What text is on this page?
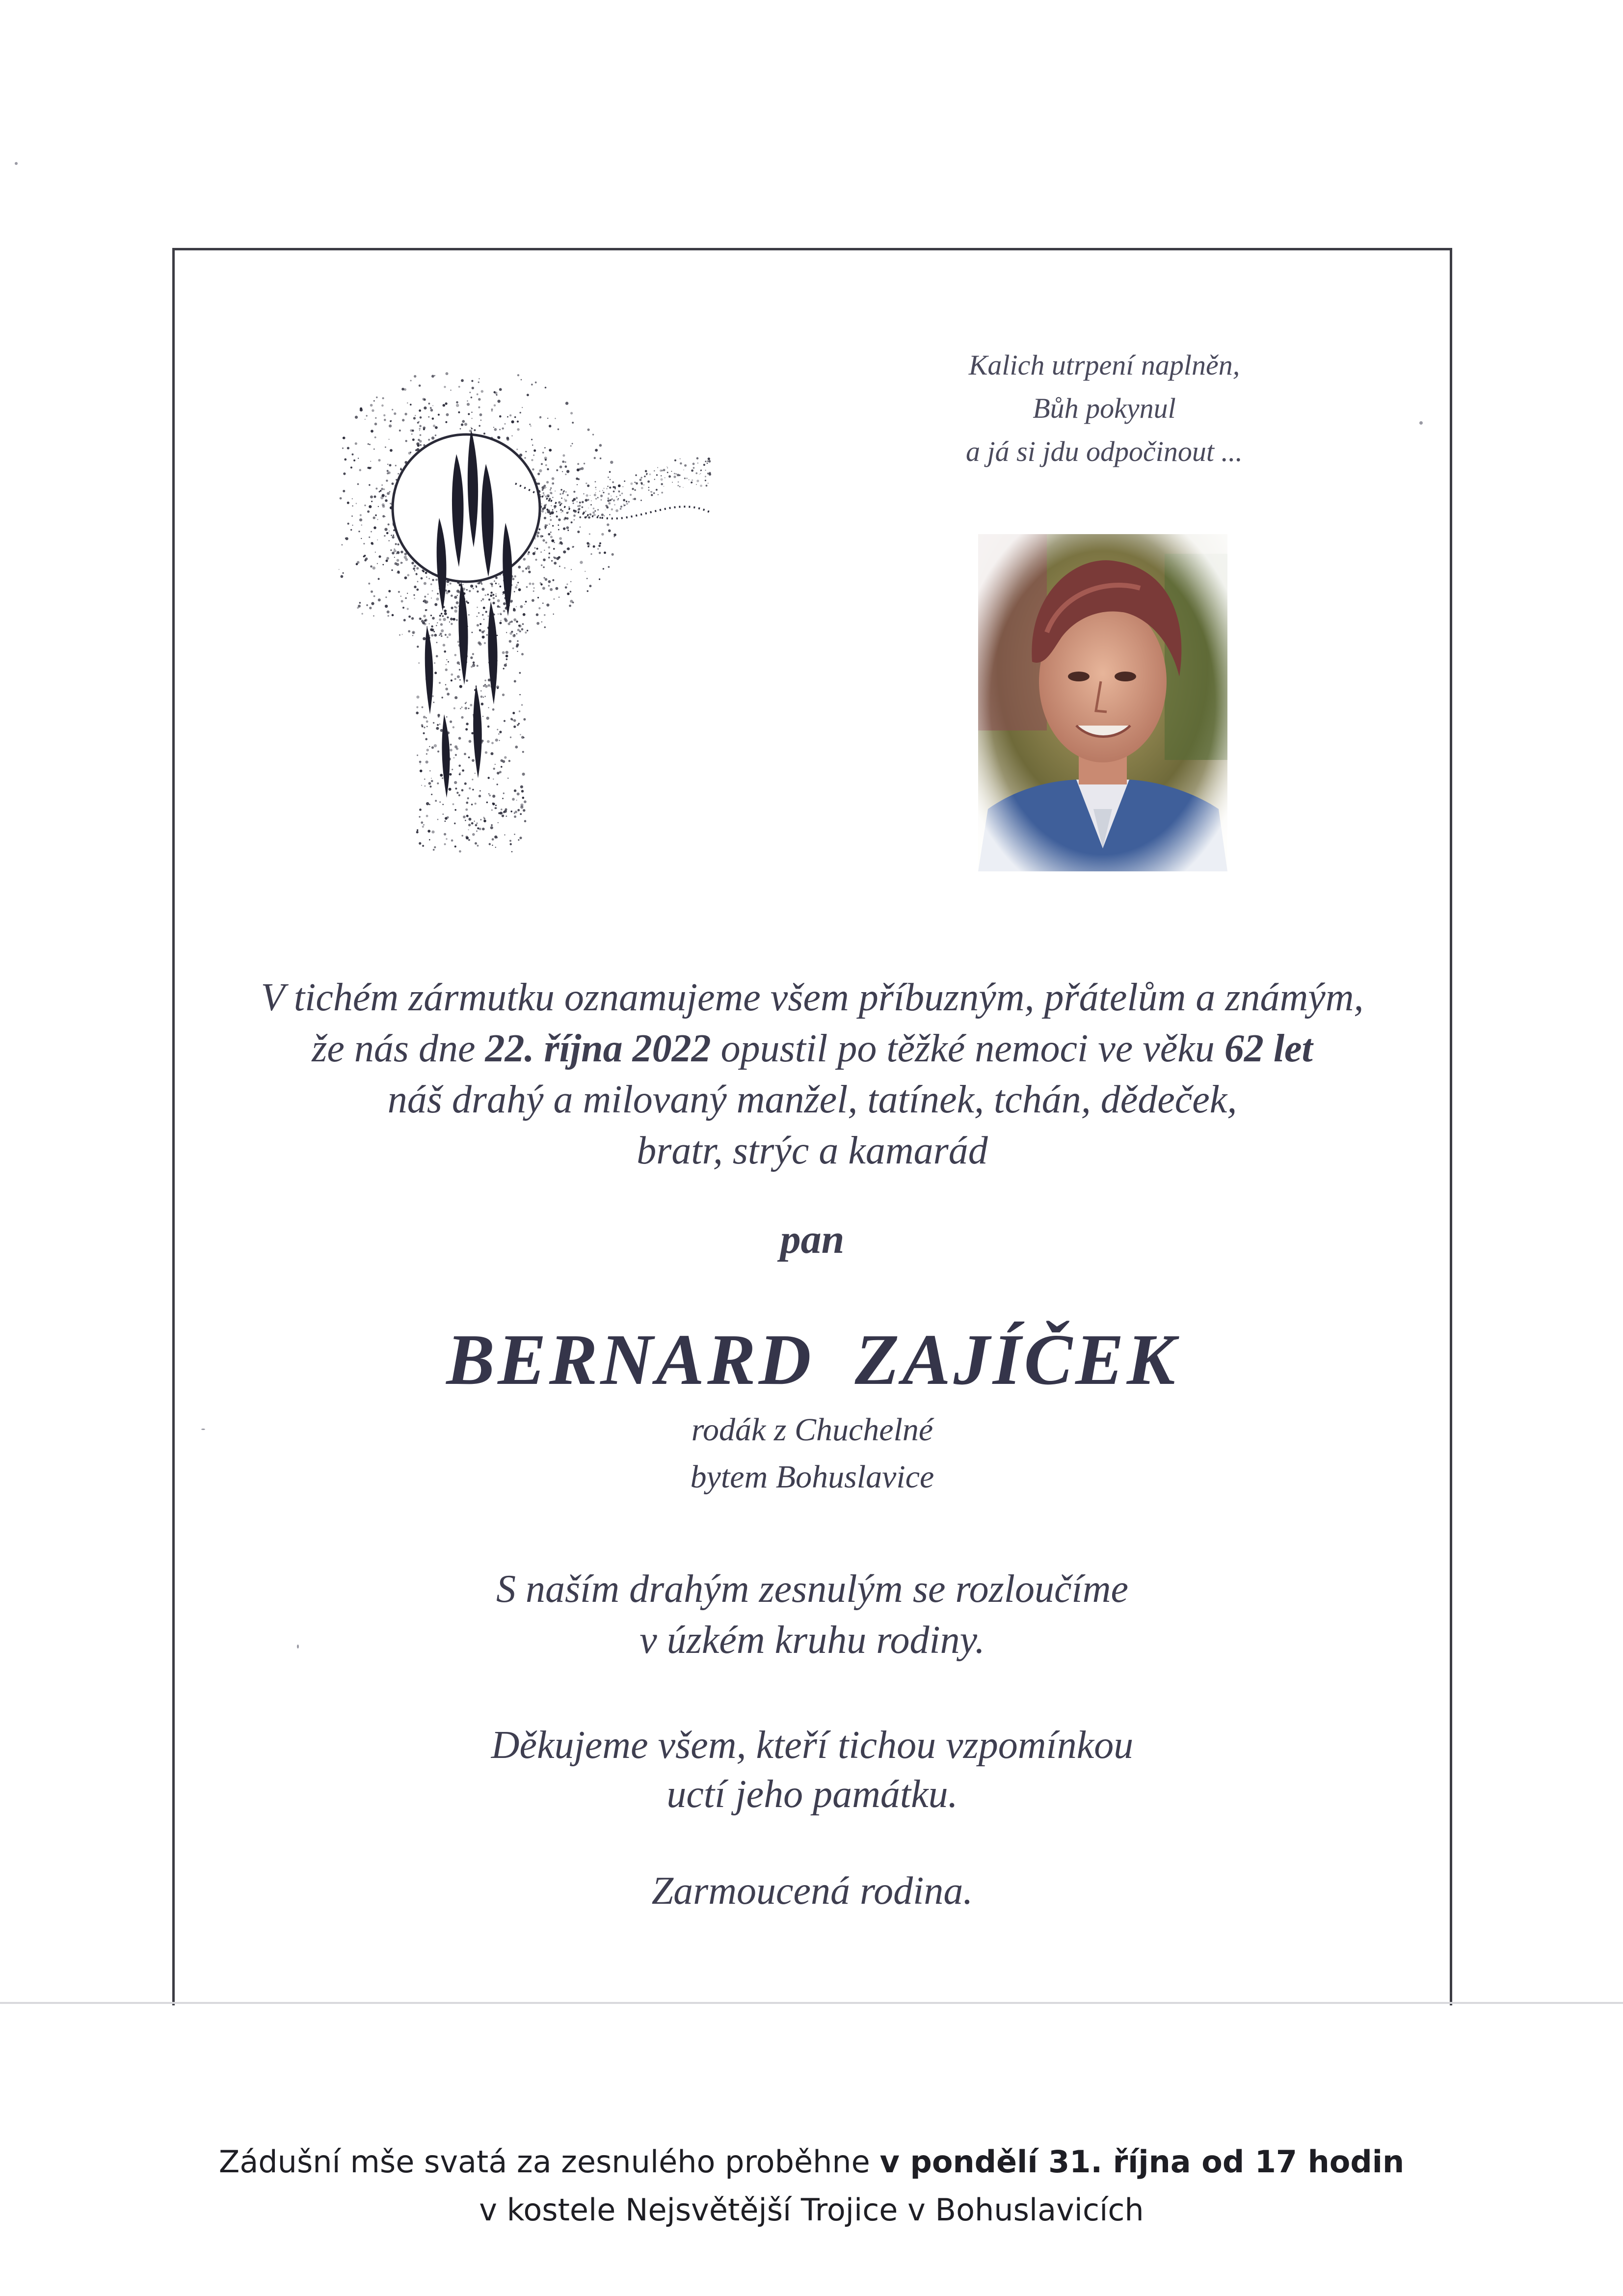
Kalich utrpení naplněn,
Bůh pokynul
a já si jdu odpočinout ...
V tichém zármutku oznamujeme všem příbuzným, přátelům a známým,
že nás dne 22. října 2022 opustil po těžké nemoci ve věku 62 let
náš drahý a milovaný manžel, tatínek, tchán, dědeček,
bratr, strýc a kamarád
pan
BERNARD ZAJÍČEK
rodák z Chuchelné
bytem Bohuslavice
S naším drahým zesnulým se rozloučíme
v úzkém kruhu rodiny.
Děkujeme všem, kteří tichou vzpomínkou
uctí jeho památku.
Zarmoucená rodina.
Zádušní mše svatá za zesnulého proběhne v pondělí 31. října od 17 hodin
v kostele Nejsvětější Trojice v Bohuslavicích
